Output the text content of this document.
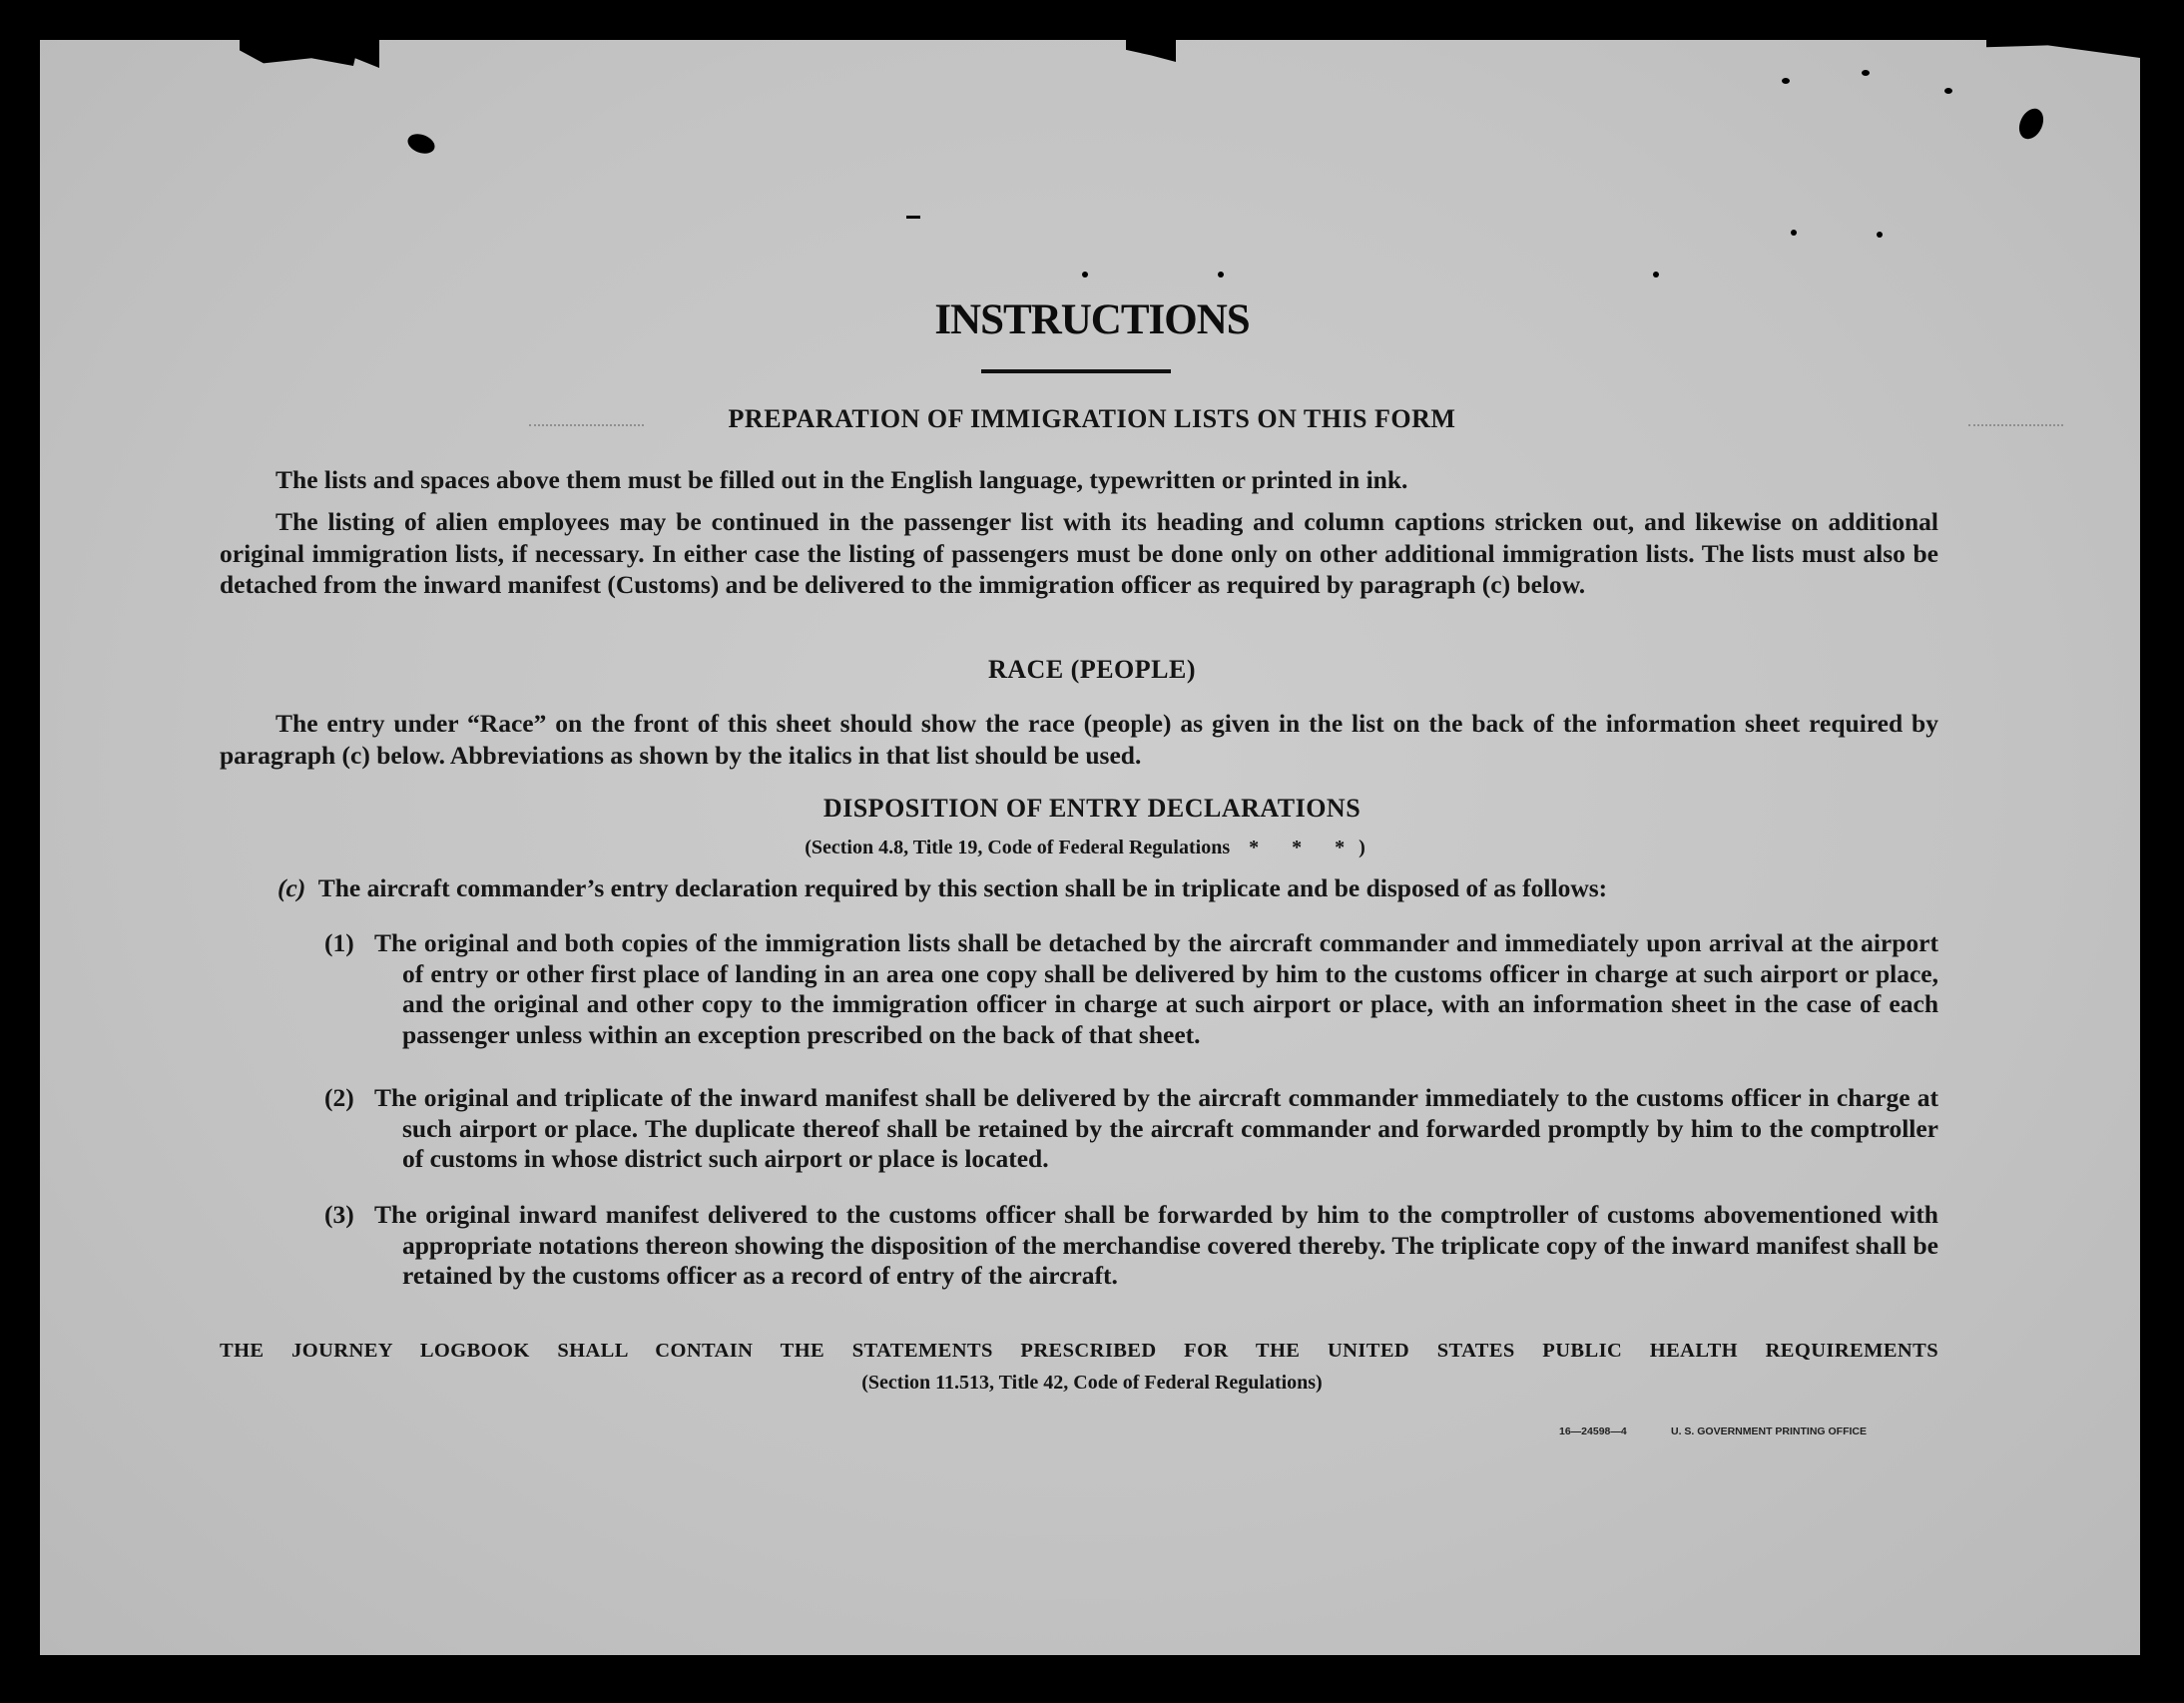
INSTRUCTIONS
PREPARATION OF IMMIGRATION LISTS ON THIS FORM
The lists and spaces above them must be filled out in the English language, typewritten or printed in ink.
The listing of alien employees may be continued in the passenger list with its heading and column captions stricken out, and likewise on additional original immigration lists, if necessary. In either case the listing of passengers must be done only on other additional immigration lists. The lists must also be detached from the inward manifest (Customs) and be delivered to the immigration officer as required by paragraph (c) below.
RACE (PEOPLE)
The entry under “Race” on the front of this sheet should show the race (people) as given in the list on the back of the information sheet required by paragraph (c) below. Abbreviations as shown by the italics in that list should be used.
DISPOSITION OF ENTRY DECLARATIONS
(Section 4.8, Title 19, Code of Federal Regulations * * *)
(c) The aircraft commander’s entry declaration required by this section shall be in triplicate and be disposed of as follows:
(1) The original and both copies of the immigration lists shall be detached by the aircraft commander and immediately upon arrival at the airport of entry or other first place of landing in an area one copy shall be delivered by him to the customs officer in charge at such airport or place, and the original and other copy to the immigration officer in charge at such airport or place, with an information sheet in the case of each passenger unless within an exception prescribed on the back of that sheet.
(2) The original and triplicate of the inward manifest shall be delivered by the aircraft commander immediately to the customs officer in charge at such airport or place. The duplicate thereof shall be retained by the aircraft commander and forwarded promptly by him to the comptroller of customs in whose district such airport or place is located.
(3) The original inward manifest delivered to the customs officer shall be forwarded by him to the comptroller of customs abovementioned with appropriate notations thereon showing the disposition of the merchandise covered thereby. The triplicate copy of the inward manifest shall be retained by the customs officer as a record of entry of the aircraft.
THE JOURNEY LOGBOOK SHALL CONTAIN THE STATEMENTS PRESCRIBED FOR THE UNITED STATES PUBLIC HEALTH REQUIREMENTS
(Section 11.513, Title 42, Code of Federal Regulations)
16—24598—4	U. S. GOVERNMENT PRINTING OFFICE
